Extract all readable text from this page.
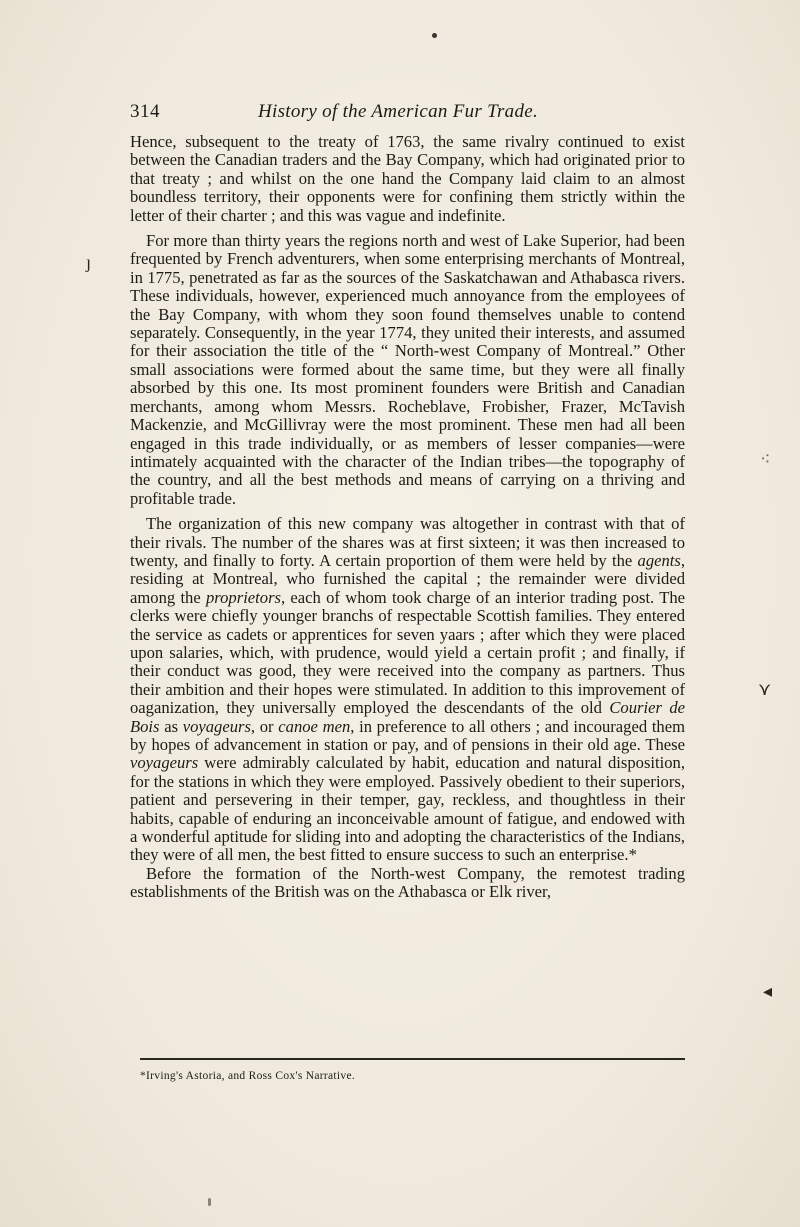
314	History of the American Fur Trade.

Hence, subsequent to the treaty of 1763, the same rivalry continued to exist between the Canadian traders and the Bay Company, which had originated prior to that treaty ; and whilst on the one hand the Company laid claim to an almost boundless territory, their opponents were for confining them strictly within the letter of their charter ; and this was vague and indefinite.

For more than thirty years the regions north and west of Lake Superior, had been frequented by French adventurers, when some enterprising merchants of Montreal, in 1775, penetrated as far as the sources of the Saskatchawan and Athabasca rivers. These individuals, however, experienced much annoyance from the employees of the Bay Company, with whom they soon found themselves unable to contend separately. Consequently, in the year 1774, they united their interests, and assumed for their association the title of the “ North-west Company of Montreal.” Other small associations were formed about the same time, but they were all finally absorbed by this one. Its most prominent founders were British and Canadian merchants, among whom Messrs. Rocheblave, Frobisher, Frazer, McTavish Mackenzie, and McGillivray were the most prominent. These men had all been engaged in this trade individually, or as members of lesser companies—were intimately acquainted with the character of the Indian tribes—the topography of the country, and all the best methods and means of carrying on a thriving and profitable trade.

The organization of this new company was altogether in contrast with that of their rivals. The number of the shares was at first sixteen; it was then increased to twenty, and finally to forty. A certain proportion of them were held by the agents, residing at Montreal, who furnished the capital ; the remainder were divided among the proprietors, each of whom took charge of an interior trading post. The clerks were chiefly younger branchs of respectable Scottish families. They entered the service as cadets or apprentices for seven yaars ; after which they were placed upon salaries, which, with prudence, would yield a certain profit ; and finally, if their conduct was good, they were received into the company as partners. Thus their ambition and their hopes were stimulated. In addition to this improvement of oaganization, they universally employed the descendants of the old Courier de Bois as voyageurs, or canoe men, in preference to all others ; and incouraged them by hopes of advancement in station or pay, and of pensions in their old age. These voyageurs were admirably calculated by habit, education and natural disposition, for the stations in which they were employed. Passively obedient to their superiors, patient and persevering in their temper, gay, reckless, and thoughtless in their habits, capable of enduring an inconceivable amount of fatigue, and endowed with a wonderful aptitude for sliding into and adopting the characteristics of the Indians, they were of all men, the best fitted to ensure success to such an enterprise.*

Before the formation of the North-west Company, the remotest trading establishments of the British was on the Athabasca or Elk river,

*Irving's Astoria, and Ross Cox's Narrative.
ȷ
⁖
⋎
◂
